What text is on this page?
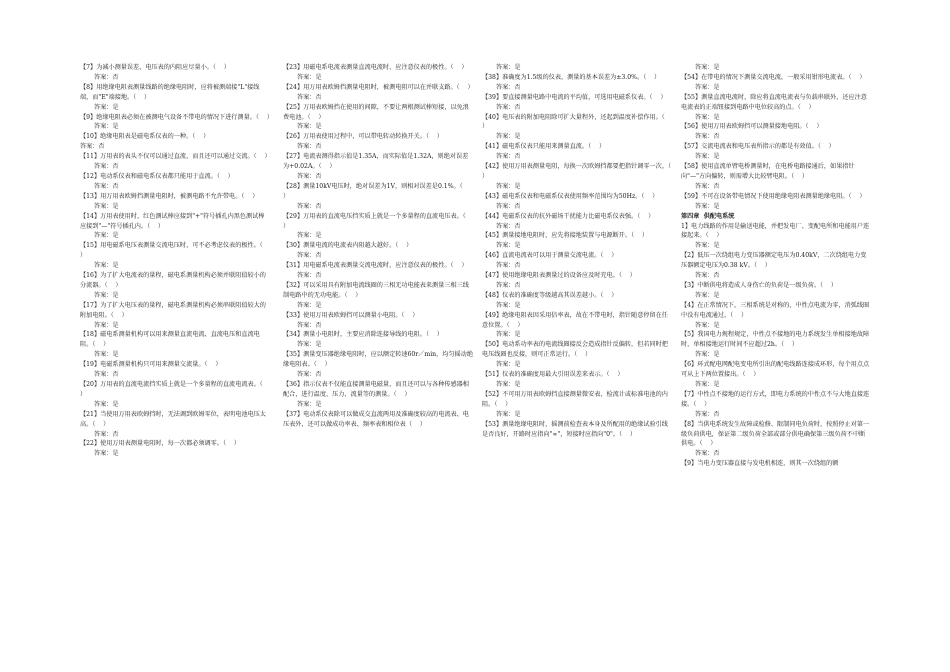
【7】为减小测量误差，电压表的内阻应尽量小。（    ）
答案：否
【8】用绝缘电阻表测量线路的绝缘电阻时，应将被测端接"L"接线端，而"E"端接地。（    ）
答案：是
【9】绝缘电阻表必须在被测电气设备不带电的情况下进行测量。（    ）
答案：是
【10】绝缘电阻表是磁电系仪表的一种。（    ）
答案：否
【11】万用表的表头不仅可以通过直流，而且还可以通过交流。（    ）
答案：否
【12】电动系仪表和磁电系仪表都只能用于直流。（    ）
答案：否
【13】用万用表欧姆挡测量电阻时，被测电路不允许带电。（    ）
答案：是
【14】万用表使用时，红色测试棒应接到"+"符号插孔内黑色测试棒应接到"—"符号插孔内。（    ）
答案：是
【15】用电磁系电压表测量交流电压时，可不必考虑仪表的极性。（    ）
答案：是
【16】为了扩大电流表的量程，磁电系测量机构必须并联阻值较小的分流器。（    ）
答案：是
【17】为了扩大电压表的量程，磁电系测量机构必须串联阻值较大的附加电阻。（    ）
答案：是
【18】磁电系测量机构可以用来测量直流电流、直流电压和直流电阻。（    ）
答案：是
【19】电磁系测量机构只可用来测量交流量。（    ）
答案：否
【20】万用表的直流电流挡实质上就是一个多量程的直流电流表。（    ）
答案：是
【21】当使用万用表欧姆挡时，无法调到欧姆零位，表明电池电压太高。（    ）
答案：否
【22】使用万用表测量电阻时，每一次都必须调零。（    ）
答案：是
【23】用磁电系电流表测量直流电流时，应注意仪表的极性。（    ）
答案：是
【24】用万用表欧姆挡测量电阻时，被测电阻可以在并联支路。（    ）
答案：否
【25】万用表欧姆挡在使用的间隙，不要让两根测试棒短接，以免浪费电池。（    ）
答案：是
【26】万用表使用过程中，可以带电转动转换开关。（    ）
答案：否
【27】电流表测得指示值是1.35A，而实际值是1.32A，则绝对误差为+0.02A。（    ）
答案：否
【28】测量10kV电压时，绝对误差为1V，则相对误差是0.1%。（    ）
答案：否
【29】万用表的直流电压挡实质上就是一个多量程的直流电压表。（    ）
答案：是
【30】测量电流的电流表内阻越大越好。（    ）
答案：否
【31】用电磁系电流表测量交流电流时，应注意仪表的极性。（    ）
答案：否
【32】可以采用具有附加电流线圈的三相无功电能表来测量三相三线制电路中的无功电能。（    ）
答案：是
【33】使用万用表欧姆挡可以测量小电阻。（    ）
答案：否
【34】测量小电阻时，主要应消除连接导线的电阻。（    ）
答案：是
【35】测量变压器绝缘电阻时，应以额定转速60r／min，均匀摇动绝缘电阻表。（    ）
答案：否
【36】指示仪表不仅能直接测量电磁量，而且还可以与各种传感器相配合，进行温度、压力、流量等的测量。（    ）
答案：是
【37】电动系仪表除可以做成交直流两用及准确度较高的电流表、电压表外，还可以做成功率表、频率表和相位表（    ）
答案：是
【38】准确度为1.5级的仪表，测量的基本误差为±3.0%。（    ）
答案：否
【39】要直接测量电路中电流的平均值，可选用电磁系仪表。（    ）
答案：否
【40】电压表的附加电阻除可扩大量程外，还起到温度补偿作用。（    ）
答案：是
【41】磁电系仪表只能用来测量直流。（    ）
答案：否
【42】使用万用表测量电阻，每换一次欧姆挡都要把指针调零一次。（    ）
答案：是
【43】磁电系仪表和电磁系仪表使用频率范围均为50Hz。（    ）
答案：否
【44】电磁系仪表的抗外磁场干扰能力比磁电系仪表强。（    ）
答案：否
【45】测量接地电阻时，应先将接地装置与电源断开。（    ）
答案：是
【46】直流电流表可以用于测量交流电流。（    ）
答案：否
【47】使用绝缘电阻表测量过的设备应及时充电。（    ）
答案：否
【48】仪表的准确度等级越高其误差越小。（    ）
答案：是
【49】绝缘电阻表因采用倍率表，故在不带电时，指针随意停留在任意位置。（    ）
答案：是
【50】电动系功率表的电流线圈接反会造成指针反偏转，但若同时把电压线圈也反接，则可正常运行。（    ）
答案：是
【51】仪表的准确度用最大引用误差来表示。（    ）
答案：是
【52】不可用万用表欧姆挡直接测量微安表、检流计或标准电池的内阻。（    ）
答案：是
【53】测量绝缘电阻时，摇测前检查表本身及所配用的绝缘试验引线是否良好，开路时应指向"∞"，短接时应指向"0"。（    ）
答案：是
【54】在带电的情况下测量交流电流，一般采用钳形电流表。（    ）
答案：是
【55】测量直流电流时，除应将直流电流表与负载串联外，还应注意电流表的正端钮接到电路中电位较高的点。（    ）
答案：是
【56】使用万用表欧姆挡可以测量接地电阻。（    ）
答案：否
【57】交流电流表和电压表所指示的都是有效值。（    ）
答案：是
【58】使用直流单臂电桥测量时，在电桥电路接通后，如果指针向"—"方向偏转，则需增大比较臂电阻。（    ）
答案：否
【59】不可在设备带电情况下使用绝缘电阻表测量绝缘电阻。（    ）
答案：是
第四章  供配电系统
1】电力线路的作用是输送电能，并把发电厂、变配电所和电能用户连接起来。（    ）
答案：是
【2】低压一次绕组电力变压器额定电压为0.40kV，二次绕组电力变压器额定电压为0.38 kV。（    ）
答案：否
【3】中断供电将造成人身伤亡的负荷是一级负荷。（    ）
答案：是
【4】在正常情况下，三相系统是对称的，中性点电流为零，消弧线圈中没有电流通过。（    ）
答案：是
【5】我国电力规程规定，中性点不接地的电力系统发生单相接地故障时，单相接地运行时间不应超过2h。（    ）
答案：是
【6】环式配电网配电变电所引出的配电线路连接成环形，每个用点点可从上下两位置接出。（    ）
答案：是
【7】中性点不接地的运行方式，即电力系统的中性点不与大地直接连接。（    ）
答案：否
【8】当供电系统发生故障或检修、限制同电负荷时，按照停止对第一级负荷供电，保证第二级负荷全部或部分供电确保第三级负荷不中断供电。（    ）
答案：否
【9】当电力变压器直接与发电机相连，则其一次绕组的额
